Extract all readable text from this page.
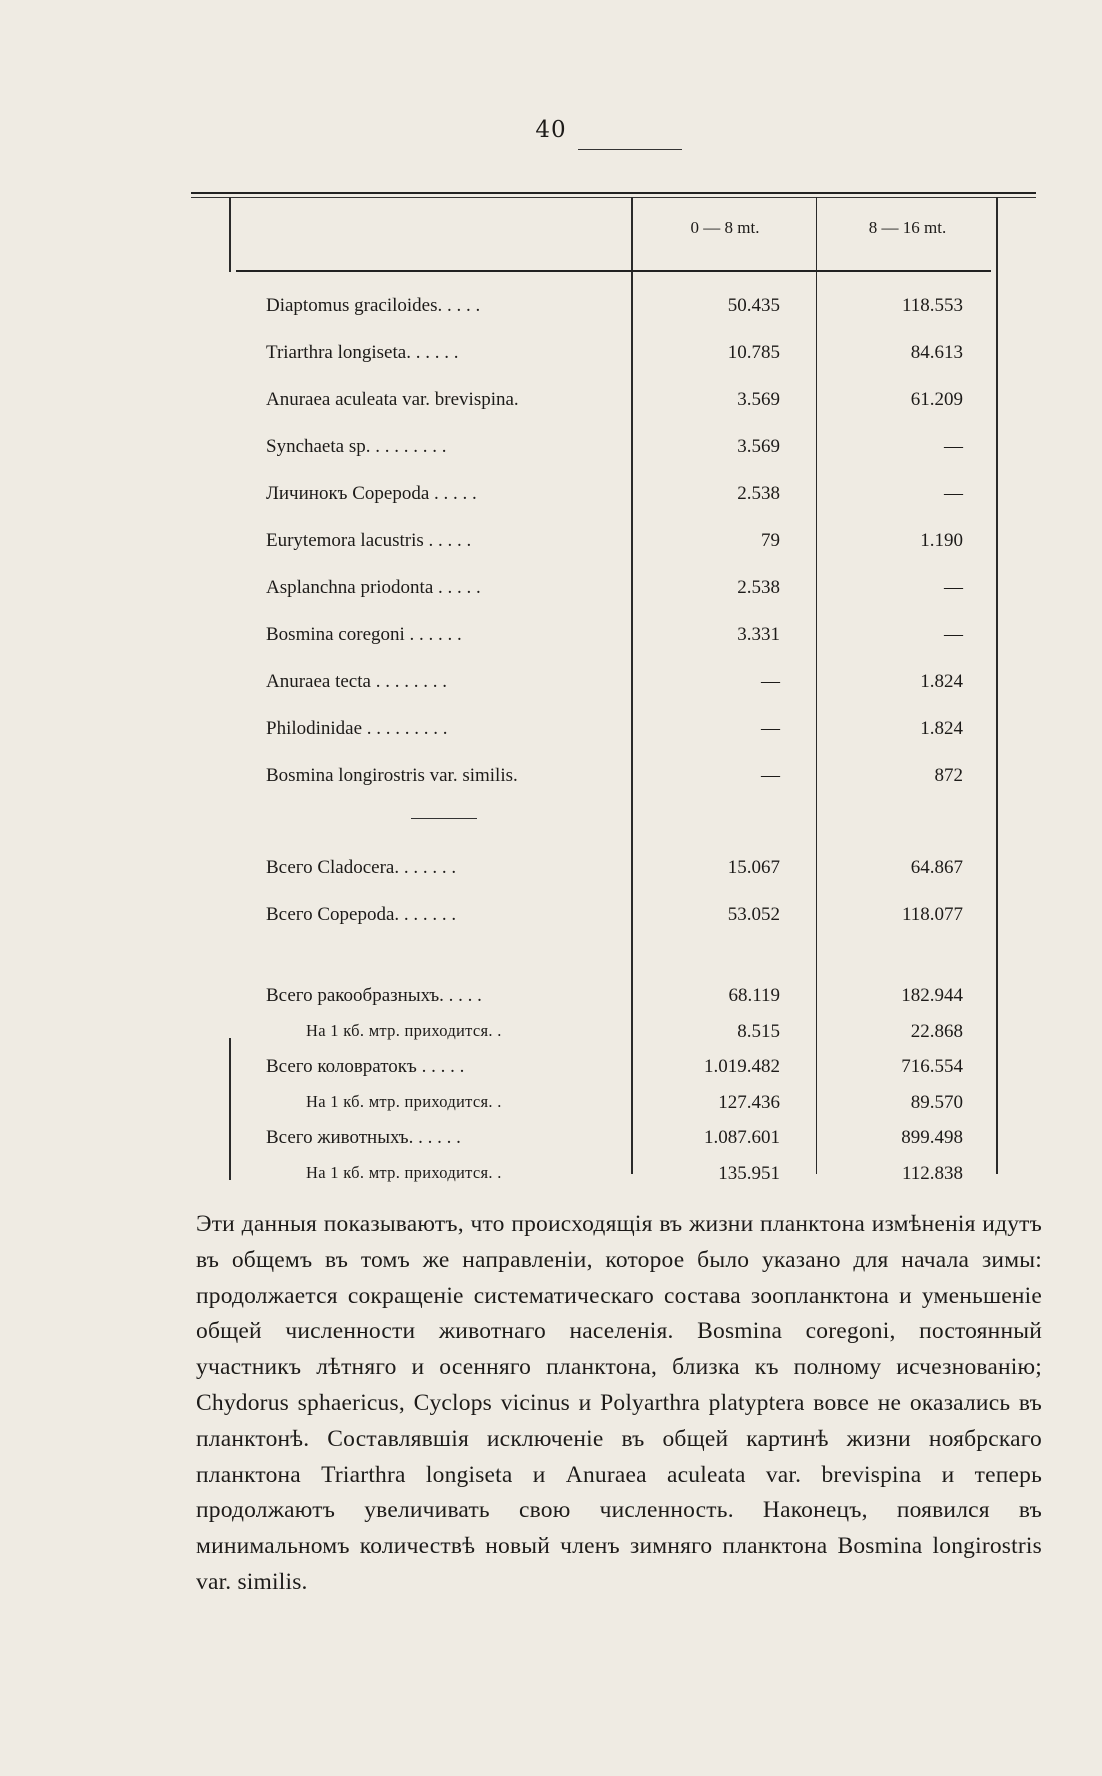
40
0 — 8 mt.	8 — 16 mt.
Diaptomus gracіloides. . . . .	50.435	118.553
Triarthra longiseta. . . . . .	10.785	84.613
Anuraea aculeata var. brevispina.	3.569	61.209
Synchaeta sp. . . . . . . . .	3.569	—
Личинокъ Copepoda . . . . .	2.538	—
Eurytemora lacustris . . . . .	79	1.190
Asplanchna priodonta . . . . .	2.538	—
Bosmina coregoni . . . . . .	3.331	—
Anuraea tecta . . . . . . . .	—	1.824
Philodinidae . . . . . . . . .	—	1.824
Bosmina longirostris var. similis.	—	872
Всего Cladocera. . . . . . .	15.067	64.867
Всего Copepoda. . . . . . .	53.052	118.077
Всего ракообразныхъ. . . . .	68.119	182.944
На 1 кб. мтр. приходится. .	8.515	22.868
Всего коловратокъ . . . . .	1.019.482	716.554
На 1 кб. мтр. приходится. .	127.436	89.570
Всего животныхъ. . . . . .	1.087.601	899.498
На 1 кб. мтр. приходится. .	135.951	112.838
Эти данныя показываютъ, что происходящія въ жизни планктона измѣненія идутъ въ общемъ въ томъ же направленіи, которое было указано для начала зимы: продолжается сокращеніе систематическаго состава зоопланктона и уменьшеніе общей численности животнаго населенія. Bosmina coregoni, постоянный участникъ лѣтняго и осенняго планктона, близка къ полному исчезнованію; Chydorus sphaericus, Cyclops vicinus и Polyarthra platyptera вовсе не оказались въ планктонѣ. Составлявшія исключеніе въ общей картинѣ жизни ноябрскаго планктона Triarthra longiseta и Anuraea aculeata var. brevispina и теперь продолжаютъ увеличивать свою численность. Наконецъ, появился въ минимальномъ количествѣ новый членъ зимняго планктона Bosmina longirostris var. similis.
